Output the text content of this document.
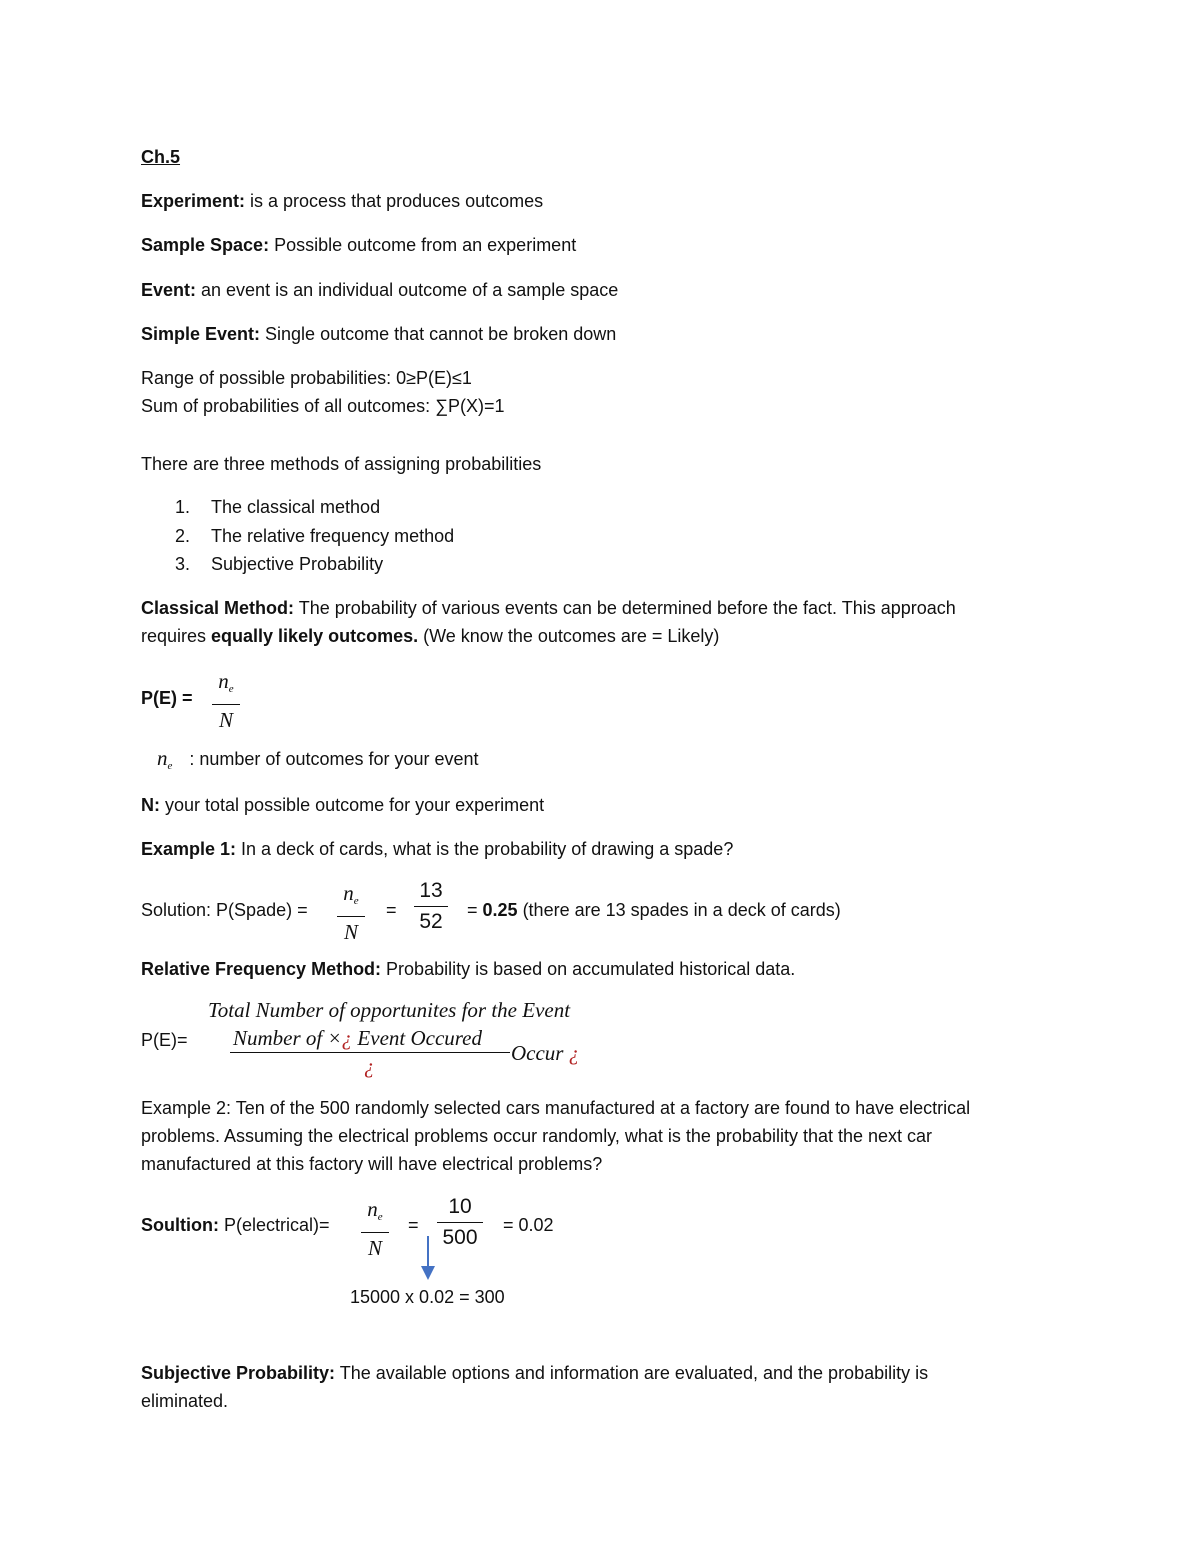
Ch.5
Experiment: is a process that produces outcomes
Sample Space: Possible outcome from an experiment
Event: an event is an individual outcome of a sample space
Simple Event: Single outcome that cannot be broken down
Range of possible probabilities: 0≥P(E)≤1
Sum of probabilities of all outcomes: ∑P(X)=1
There are three methods of assigning probabilities
1. The classical method
2. The relative frequency method
3. Subjective Probability
Classical Method: The probability of various events can be determined before the fact. This approach
requires equally likely outcomes. (We know the outcomes are = Likely)
P(E) =
$n_e$
N
$n_e$ : number of outcomes for your event
N: your total possible outcome for your experiment
Example 1: In a deck of cards, what is the probability of drawing a spade?
Solution: P(Spade) =
$n_e$
N
=
13
52 = 0.25 (there are 13 spades in a deck of cards)
Relative Frequency Method: Probability is based on accumulated historical data.
P(E)=
Total Number of opportunites for the Event
Number of ×¿ Event Occured
¿
Occur ¿
Example 2: Ten of the 500 randomly selected cars manufactured at a factory are found to have electrical
problems. Assuming the electrical problems occur randomly, what is the probability that the next car
manufactured at this factory will have electrical problems?
Soultion: P(electrical)=
$n_e$
N
=
10
500
= 0.02
15000 x 0.02 = 300
Subjective Probability: The available options and information are evaluated, and the probability is
eliminated.
